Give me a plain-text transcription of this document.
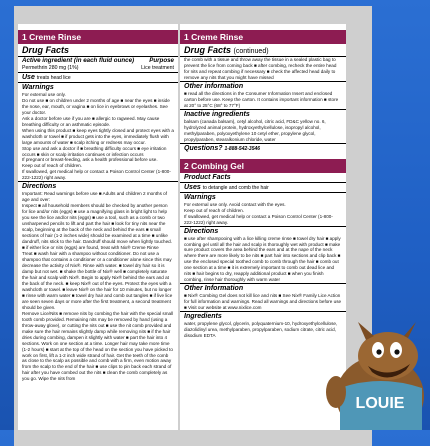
1 Creme Rinse
Drug Facts
Active ingredient (in each fluid ounce) Purpose
Permethrin 280 mg (1%)	Lice treatment
Use treats head lice
Warnings
For external use only.
Do not use ■ on children under 2 months of age ■ near the eyes ■ inside the nose, ear, mouth, or vagina ■ on lice in eyebrows or eyelashes. See your doctor.
Ask a doctor before use if you are ■ allergic to ragweed. May cause breathing difficulty or an asthmatic episode.
When using this product ■ keep eyes tightly closed and protect eyes with a washcloth or towel ■ if product gets into the eyes, immediately flush with large amounts of water ■ scalp itching or redness may occur.
Stop use and ask a doctor if ■ breathing difficulty occurs ■ eye irritation occurs ■ skin or scalp irritation continues or infection occurs
If pregnant or breast-feeding, ask a health professional before use.
Keep out of reach of children.
If swallowed, get medical help or contact a Poison Control Center (1-800-222-1222) right away.
Directions
Important: Read warnings before use ■ Adults and children 2 months of age and over:
Inspect ■ all household members should be checked by another person for lice and/or nits (eggs) ■ use a magnifying glass in bright light to help you see the lice and/or nits (eggs) ■ use a tool, such as a comb or two unsharpened pencils to lift and part the hair ■ look for tiny nits near the scalp, beginning at the back of the neck and behind the ears ■ small sections of hair (1-2 inches wide) should be examined at a time ■ unlike dandruff, nits stick to the hair. Dandruff should move when lightly touched. ■ if either lice or nits (eggs) are found, treat with Nix® Creme Rinse
Treat ■ wash hair with a shampoo without conditioner. Do not use a shampoo that contains a conditioner or a conditioner alone since this may decrease the activity of Nix®. Rinse with water. ■ towel dry hair so it is damp but not wet. ■ shake the bottle of Nix® well ■ completely saturate the hair and scalp with Nix®. Begin to apply Nix® behind the ears and at the back of the neck. ■ keep Nix® out of the eyes. Protect the eyes with a washcloth or towel. ■ leave Nix® on the hair for 10 minutes, but no longer ■ rinse with warm water ■ towel dry hair and comb out tangles ■ if live lice are seen seven days or more after the first treatment, a second treatment should be given.
Remove Lice/Nits ■ remove nits by combing the hair with the special small tooth comb provided. Remaining nits may be removed by hand (using a throw-away glove), or cutting the nits out ■ use the nit comb provided and make sure the hair remains slightly damp while removing nits ■ if the hair dries during combing, dampen it slightly with water ■ part the hair into 4 sections. Work on one section at a time. Longer hair may take more time (1-2 hours) ■ start at the top of the head on the section you have picked to work on first, lift a 1-2 inch wide strand of hair. Get the teeth of the comb as close to the scalp as possible and comb with a firm, even motion away from the scalp to the end of the hair ■ use clips to pin back each strand of hair after you have combed out the nits ■ clean the comb completely as you go. Wipe the nits from
1 Creme Rinse
Drug Facts (continued)
the comb with a tissue and throw away the tissue in a sealed plastic bag to prevent the lice from coming back ■ after combing, recheck the entire head for nits and repeat combing if necessary ■ check the affected head daily to remove any nits that you might have missed
Other information
■ read all the directions in the Consumer Information Insert and enclosed carton before use. Keep the carton. It contains important information ■ store at 20° to 25°C (68° to 77°F)
Inactive ingredients
balsam (canada balsam), cetyl alcohol, citric acid, FD&C yellow no. 6, hydrolyzed animal protein, hydroxyethylcellulose, isopropyl alcohol, methylparaben, polyoxyethylene 10 cetyl ether, propylene glycol, propylparaben, stearalkonium chloride, water
Questions? 1-888-542-3546
2 Combing Gel
Product Facts
Uses to detangle and comb the hair
Warnings
For external use only. Avoid contact with the eyes.
Keep out of reach of children.
If swallowed, get medical help or contact a Poison Control Center (1-800-222-1222) right away.
Directions
■ use after shampooing with a lice killing creme rinse ■ towel dry hair ■ apply combing gel until all the hair and scalp is thoroughly wet with product ■ make sure product covers the area behind the ears and at the nape of the neck where there are more likely to be nits ■ part hair into sections and clip back ■ use the enclosed special toothed comb to comb through the hair ■ comb out one section at a time ■ it is extremely important to comb out dead lice and nits ■ hair begins to dry, reapply additional product ■ when you finish combing, rinse hair thoroughly with warm water
Other Information
■ Nix® Combing Gel does not kill lice and nits ■ See Nix® Family Lice Action for full information and warnings. Read all warnings and directions before use ■ Visit our website at www.nixlice.com
Ingredients
water, propylene glycol, glycerin, polyquaternium-10, hydroxyethylcellulose, diazolidinyl urea, methylparaben, propylparaben, sodium citrate, citric acid, disodium EDTA
LOUIE
